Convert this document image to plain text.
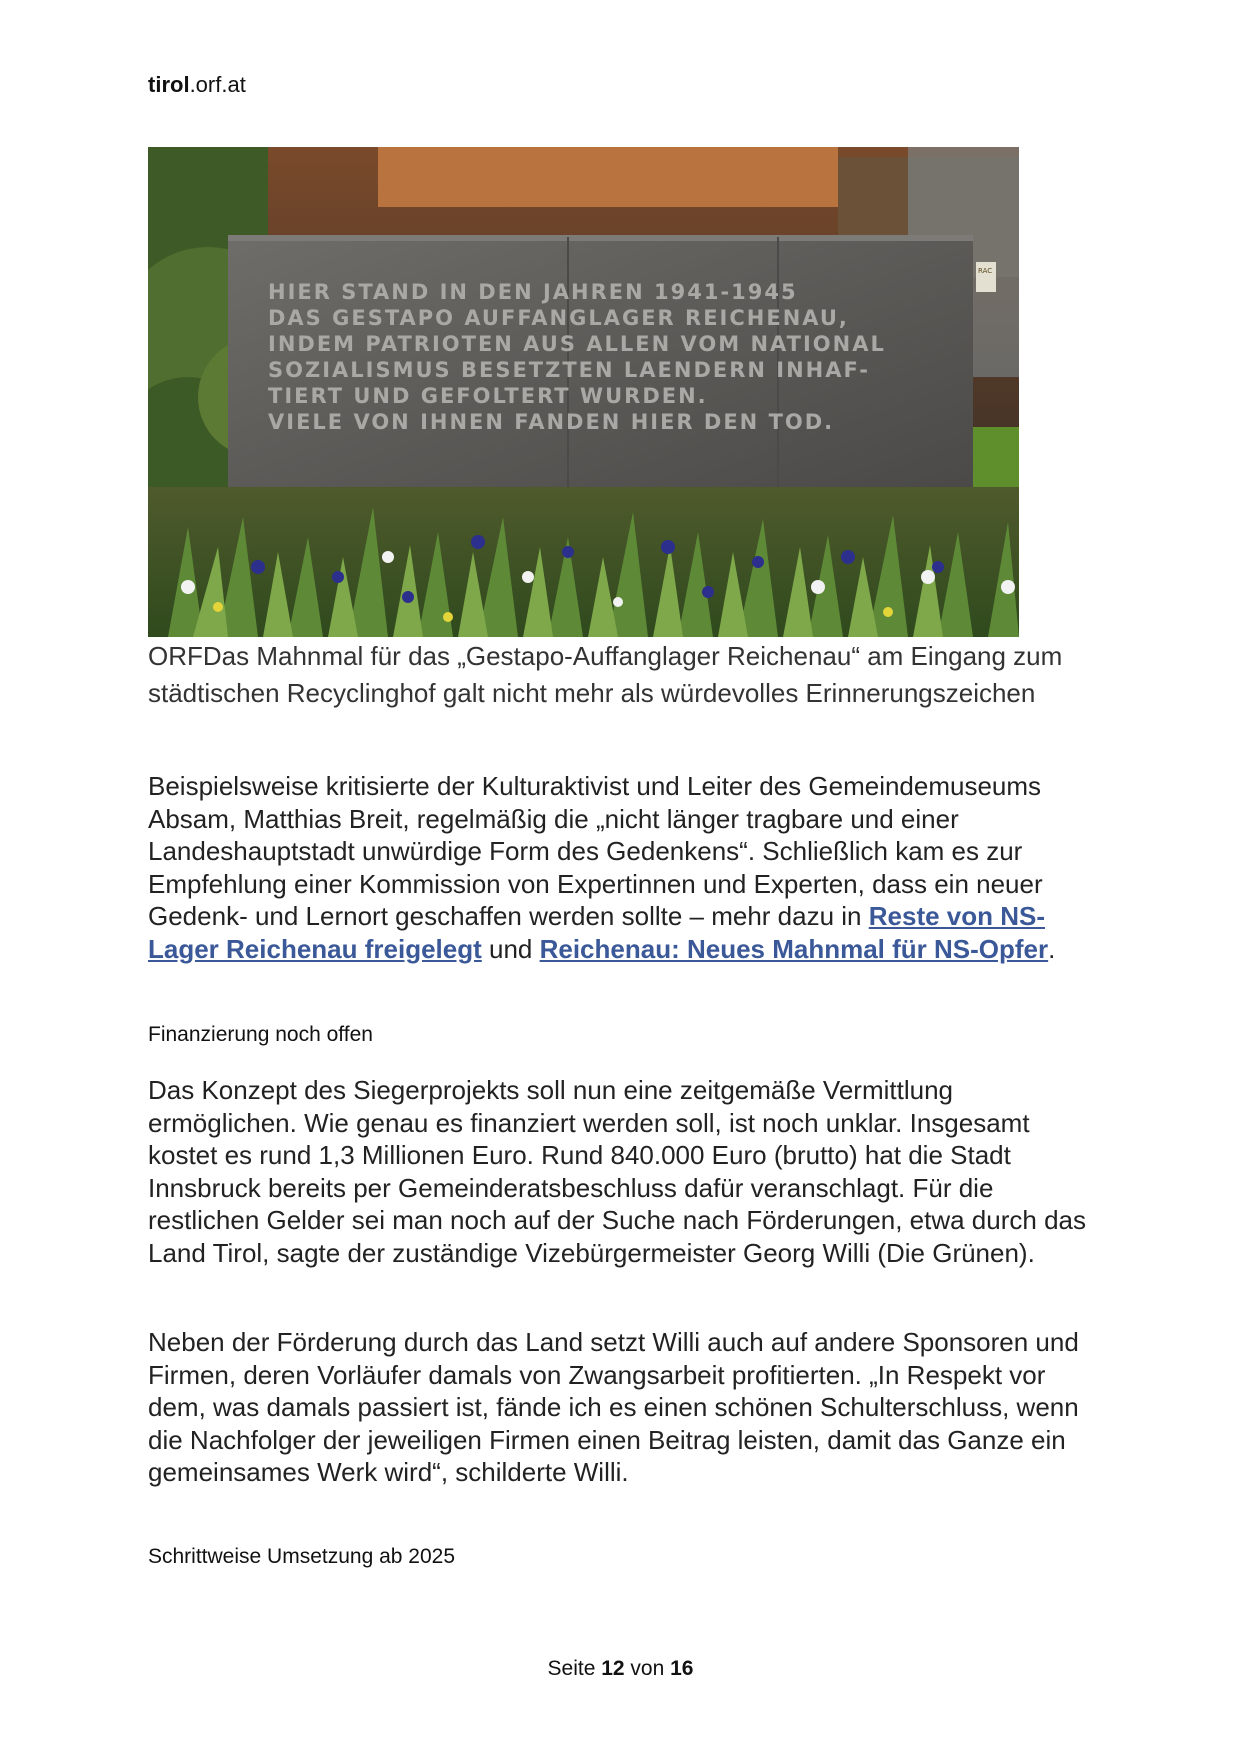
tirol.orf.at
HIER STAND IN DEN JAHREN 1941-1945
DAS GESTAPO AUFFANGLAGER REICHENAU,
INDEM PATRIOTEN AUS ALLEN VOM NATIONAL
SOZIALISMUS BESETZTEN LAENDERN INHAF-
TIERT UND GEFOLTERT WURDEN.
VIELE VON IHNEN FANDEN HIER DEN TOD.
RAC
ORFDas Mahnmal für das „Gestapo-Auffanglager Reichenau“ am Eingang zum städtischen Recyclinghof galt nicht mehr als würdevolles Erinnerungszeichen
Beispielsweise kritisierte der Kulturaktivist und Leiter des Gemeindemuseums Absam, Matthias Breit, regelmäßig die „nicht länger tragbare und einer Landeshauptstadt unwürdige Form des Gedenkens“. Schließlich kam es zur Empfehlung einer Kommission von Expertinnen und Experten, dass ein neuer Gedenk- und Lernort geschaffen werden sollte – mehr dazu in Reste von NS-Lager Reichenau freigelegt und Reichenau: Neues Mahnmal für NS-Opfer.
Finanzierung noch offen
Das Konzept des Siegerprojekts soll nun eine zeitgemäße Vermittlung ermöglichen. Wie genau es finanziert werden soll, ist noch unklar. Insgesamt kostet es rund 1,3 Millionen Euro. Rund 840.000 Euro (brutto) hat die Stadt Innsbruck bereits per Gemeinderatsbeschluss dafür veranschlagt. Für die restlichen Gelder sei man noch auf der Suche nach Förderungen, etwa durch das Land Tirol, sagte der zuständige Vizebürgermeister Georg Willi (Die Grünen).
Neben der Förderung durch das Land setzt Willi auch auf andere Sponsoren und Firmen, deren Vorläufer damals von Zwangsarbeit profitierten. „In Respekt vor dem, was damals passiert ist, fände ich es einen schönen Schulterschluss, wenn die Nachfolger der jeweiligen Firmen einen Beitrag leisten, damit das Ganze ein gemeinsames Werk wird“, schilderte Willi.
Schrittweise Umsetzung ab 2025
Seite 12 von 16
